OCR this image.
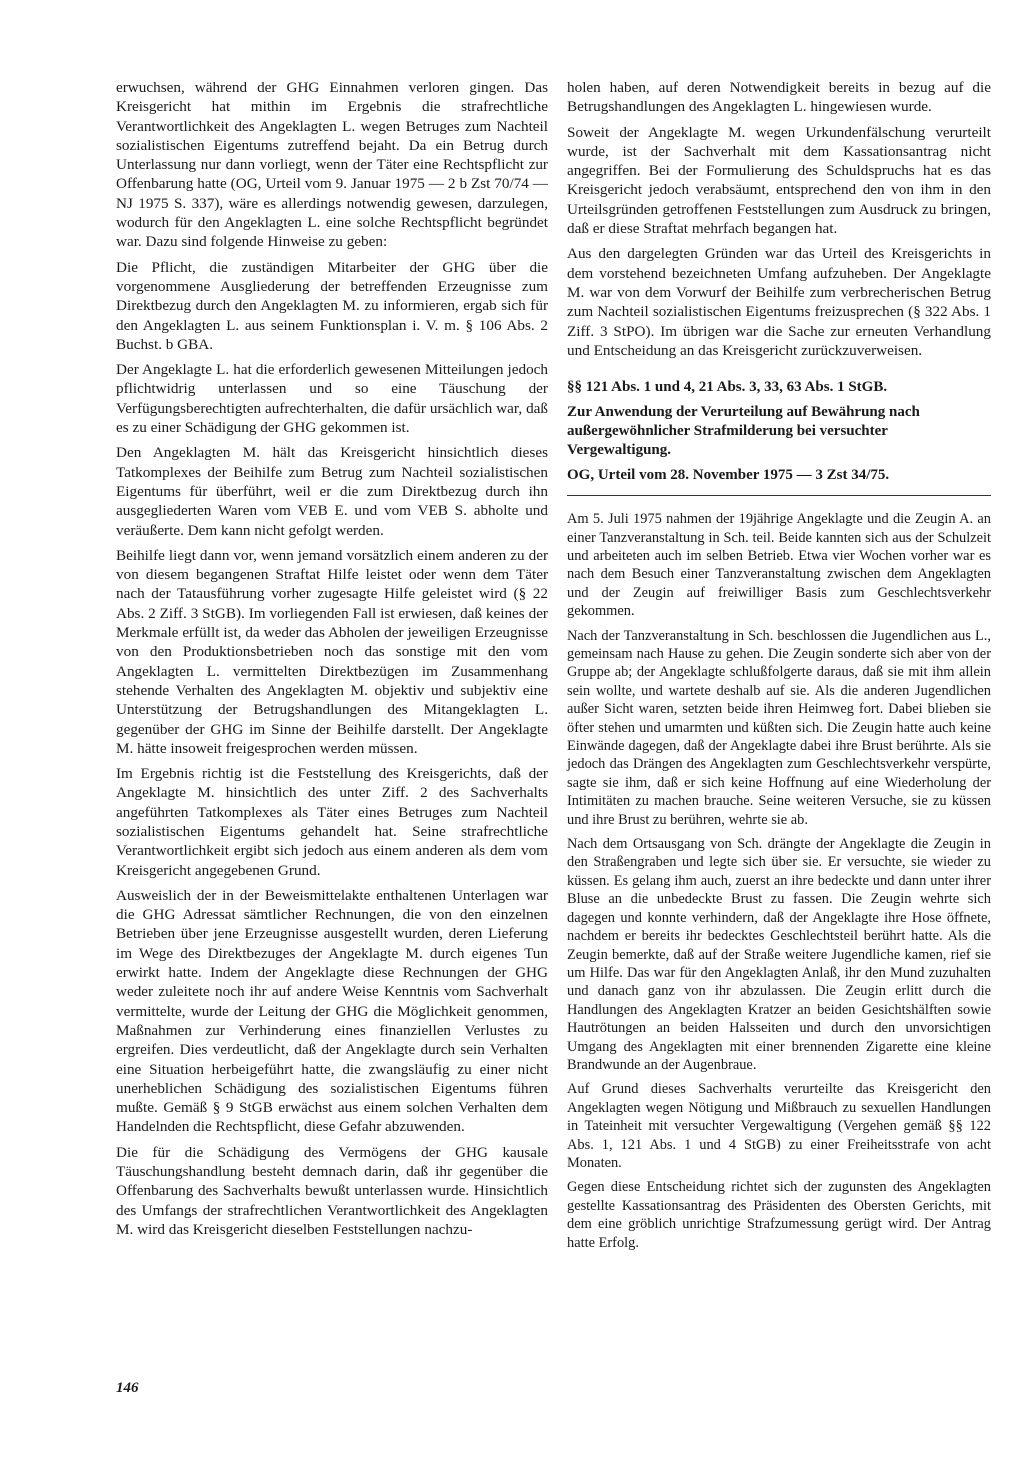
erwuchsen, während der GHG Einnahmen verloren gingen. Das Kreisgericht hat mithin im Ergebnis die strafrechtliche Verantwortlichkeit des Angeklagten L. wegen Betruges zum Nachteil sozialistischen Eigentums zutreffend bejaht. Da ein Betrug durch Unterlassung nur dann vorliegt, wenn der Täter eine Rechtspflicht zur Offenbarung hatte (OG, Urteil vom 9. Januar 1975 — 2 b Zst 70/74 — NJ 1975 S. 337), wäre es allerdings notwendig gewesen, darzulegen, wodurch für den Angeklagten L. eine solche Rechtspflicht begründet war. Dazu sind folgende Hinweise zu geben:

Die Pflicht, die zuständigen Mitarbeiter der GHG über die vorgenommene Ausgliederung der betreffenden Erzeugnisse zum Direktbezug durch den Angeklagten M. zu informieren, ergab sich für den Angeklagten L. aus seinem Funktionsplan i. V. m. § 106 Abs. 2 Buchst. b GBA.

Der Angeklagte L. hat die erforderlich gewesenen Mitteilungen jedoch pflichtwidrig unterlassen und so eine Täuschung der Verfügungsberechtigten aufrechterhalten, die dafür ursächlich war, daß es zu einer Schädigung der GHG gekommen ist.

Den Angeklagten M. hält das Kreisgericht hinsichtlich dieses Tatkomplexes der Beihilfe zum Betrug zum Nachteil sozialistischen Eigentums für überführt, weil er die zum Direktbezug durch ihn ausgegliederten Waren vom VEB E. und vom VEB S. abholte und veräußerte. Dem kann nicht gefolgt werden.

Beihilfe liegt dann vor, wenn jemand vorsätzlich einem anderen zu der von diesem begangenen Straftat Hilfe leistet oder wenn dem Täter nach der Tatausführung vorher zugesagte Hilfe geleistet wird (§ 22 Abs. 2 Ziff. 3 StGB). Im vorliegenden Fall ist erwiesen, daß keines der Merkmale erfüllt ist, da weder das Abholen der jeweiligen Erzeugnisse von den Produktionsbetrieben noch das sonstige mit den vom Angeklagten L. vermittelten Direktbezügen im Zusammenhang stehende Verhalten des Angeklagten M. objektiv und subjektiv eine Unterstützung der Betrugshandlungen des Mitangeklagten L. gegenüber der GHG im Sinne der Beihilfe darstellt. Der Angeklagte M. hätte insoweit freigesprochen werden müssen.

Im Ergebnis richtig ist die Feststellung des Kreisgerichts, daß der Angeklagte M. hinsichtlich des unter Ziff. 2 des Sachverhalts angeführten Tatkomplexes als Täter eines Betruges zum Nachteil sozialistischen Eigentums gehandelt hat. Seine strafrechtliche Verantwortlichkeit ergibt sich jedoch aus einem anderen als dem vom Kreisgericht angegebenen Grund.

Ausweislich der in der Beweismittelakte enthaltenen Unterlagen war die GHG Adressat sämtlicher Rechnungen, die von den einzelnen Betrieben über jene Erzeugnisse ausgestellt wurden, deren Lieferung im Wege des Direktbezuges der Angeklagte M. durch eigenes Tun erwirkt hatte. Indem der Angeklagte diese Rechnungen der GHG weder zuleitete noch ihr auf andere Weise Kenntnis vom Sachverhalt vermittelte, wurde der Leitung der GHG die Möglichkeit genommen, Maßnahmen zur Verhinderung eines finanziellen Verlustes zu ergreifen. Dies verdeutlicht, daß der Angeklagte durch sein Verhalten eine Situation herbeigeführt hatte, die zwangsläufig zu einer nicht unerheblichen Schädigung des sozialistischen Eigentums führen mußte. Gemäß § 9 StGB erwächst aus einem solchen Verhalten dem Handelnden die Rechtspflicht, diese Gefahr abzuwenden.

Die für die Schädigung des Vermögens der GHG kausale Täuschungshandlung besteht demnach darin, daß ihr gegenüber die Offenbarung des Sachverhalts bewußt unterlassen wurde. Hinsichtlich des Umfangs der strafrechtlichen Verantwortlichkeit des Angeklagten M. wird das Kreisgericht dieselben Feststellungen nachzu-

holen haben, auf deren Notwendigkeit bereits in bezug auf die Betrugshandlungen des Angeklagten L. hingewiesen wurde.

Soweit der Angeklagte M. wegen Urkundenfälschung verurteilt wurde, ist der Sachverhalt mit dem Kassationsantrag nicht angegriffen. Bei der Formulierung des Schuldspruchs hat es das Kreisgericht jedoch verabsäumt, entsprechend den von ihm in den Urteilsgründen getroffenen Feststellungen zum Ausdruck zu bringen, daß er diese Straftat mehrfach begangen hat.

Aus den dargelegten Gründen war das Urteil des Kreisgerichts in dem vorstehend bezeichneten Umfang aufzuheben. Der Angeklagte M. war von dem Vorwurf der Beihilfe zum verbrecherischen Betrug zum Nachteil sozialistischen Eigentums freizusprechen (§ 322 Abs. 1 Ziff. 3 StPO). Im übrigen war die Sache zur erneuten Verhandlung und Entscheidung an das Kreisgericht zurückzuverweisen.

§§ 121 Abs. 1 und 4, 21 Abs. 3, 33, 63 Abs. 1 StGB.
Zur Anwendung der Verurteilung auf Bewährung nach außergewöhnlicher Strafmilderung bei versuchter Vergewaltigung.
OG, Urteil vom 28. November 1975 — 3 Zst 34/75.

Am 5. Juli 1975 nahmen der 19jährige Angeklagte und die Zeugin A. an einer Tanzveranstaltung in Sch. teil. Beide kannten sich aus der Schulzeit und arbeiteten auch im selben Betrieb. Etwa vier Wochen vorher war es nach dem Besuch einer Tanzveranstaltung zwischen dem Angeklagten und der Zeugin auf freiwilliger Basis zum Geschlechtsverkehr gekommen.

Nach der Tanzveranstaltung in Sch. beschlossen die Jugendlichen aus L., gemeinsam nach Hause zu gehen. Die Zeugin sonderte sich aber von der Gruppe ab; der Angeklagte schlußfolgerte daraus, daß sie mit ihm allein sein wollte, und wartete deshalb auf sie. Als die anderen Jugendlichen außer Sicht waren, setzten beide ihren Heimweg fort. Dabei blieben sie öfter stehen und umarmten und küßten sich. Die Zeugin hatte auch keine Einwände dagegen, daß der Angeklagte dabei ihre Brust berührte. Als sie jedoch das Drängen des Angeklagten zum Geschlechtsverkehr verspürte, sagte sie ihm, daß er sich keine Hoffnung auf eine Wiederholung der Intimitäten zu machen brauche. Seine weiteren Versuche, sie zu küssen und ihre Brust zu berühren, wehrte sie ab.

Nach dem Ortsausgang von Sch. drängte der Angeklagte die Zeugin in den Straßengraben und legte sich über sie. Er versuchte, sie wieder zu küssen. Es gelang ihm auch, zuerst an ihre bedeckte und dann unter ihrer Bluse an die unbedeckte Brust zu fassen. Die Zeugin wehrte sich dagegen und konnte verhindern, daß der Angeklagte ihre Hose öffnete, nachdem er bereits ihr bedecktes Geschlechtsteil berührt hatte. Als die Zeugin bemerkte, daß auf der Straße weitere Jugendliche kamen, rief sie um Hilfe. Das war für den Angeklagten Anlaß, ihr den Mund zuzuhalten und danach ganz von ihr abzulassen. Die Zeugin erlitt durch die Handlungen des Angeklagten Kratzer an beiden Gesichtshälften sowie Hautrötungen an beiden Halsseiten und durch den unvorsichtigen Umgang des Angeklagten mit einer brennenden Zigarette eine kleine Brandwunde an der Augenbraue.

Auf Grund dieses Sachverhalts verurteilte das Kreisgericht den Angeklagten wegen Nötigung und Mißbrauch zu sexuellen Handlungen in Tateinheit mit versuchter Vergewaltigung (Vergehen gemäß §§ 122 Abs. 1, 121 Abs. 1 und 4 StGB) zu einer Freiheitsstrafe von acht Monaten.

Gegen diese Entscheidung richtet sich der zugunsten des Angeklagten gestellte Kassationsantrag des Präsidenten des Obersten Gerichts, mit dem eine gröblich unrichtige Strafzumessung gerügt wird. Der Antrag hatte Erfolg.

146
